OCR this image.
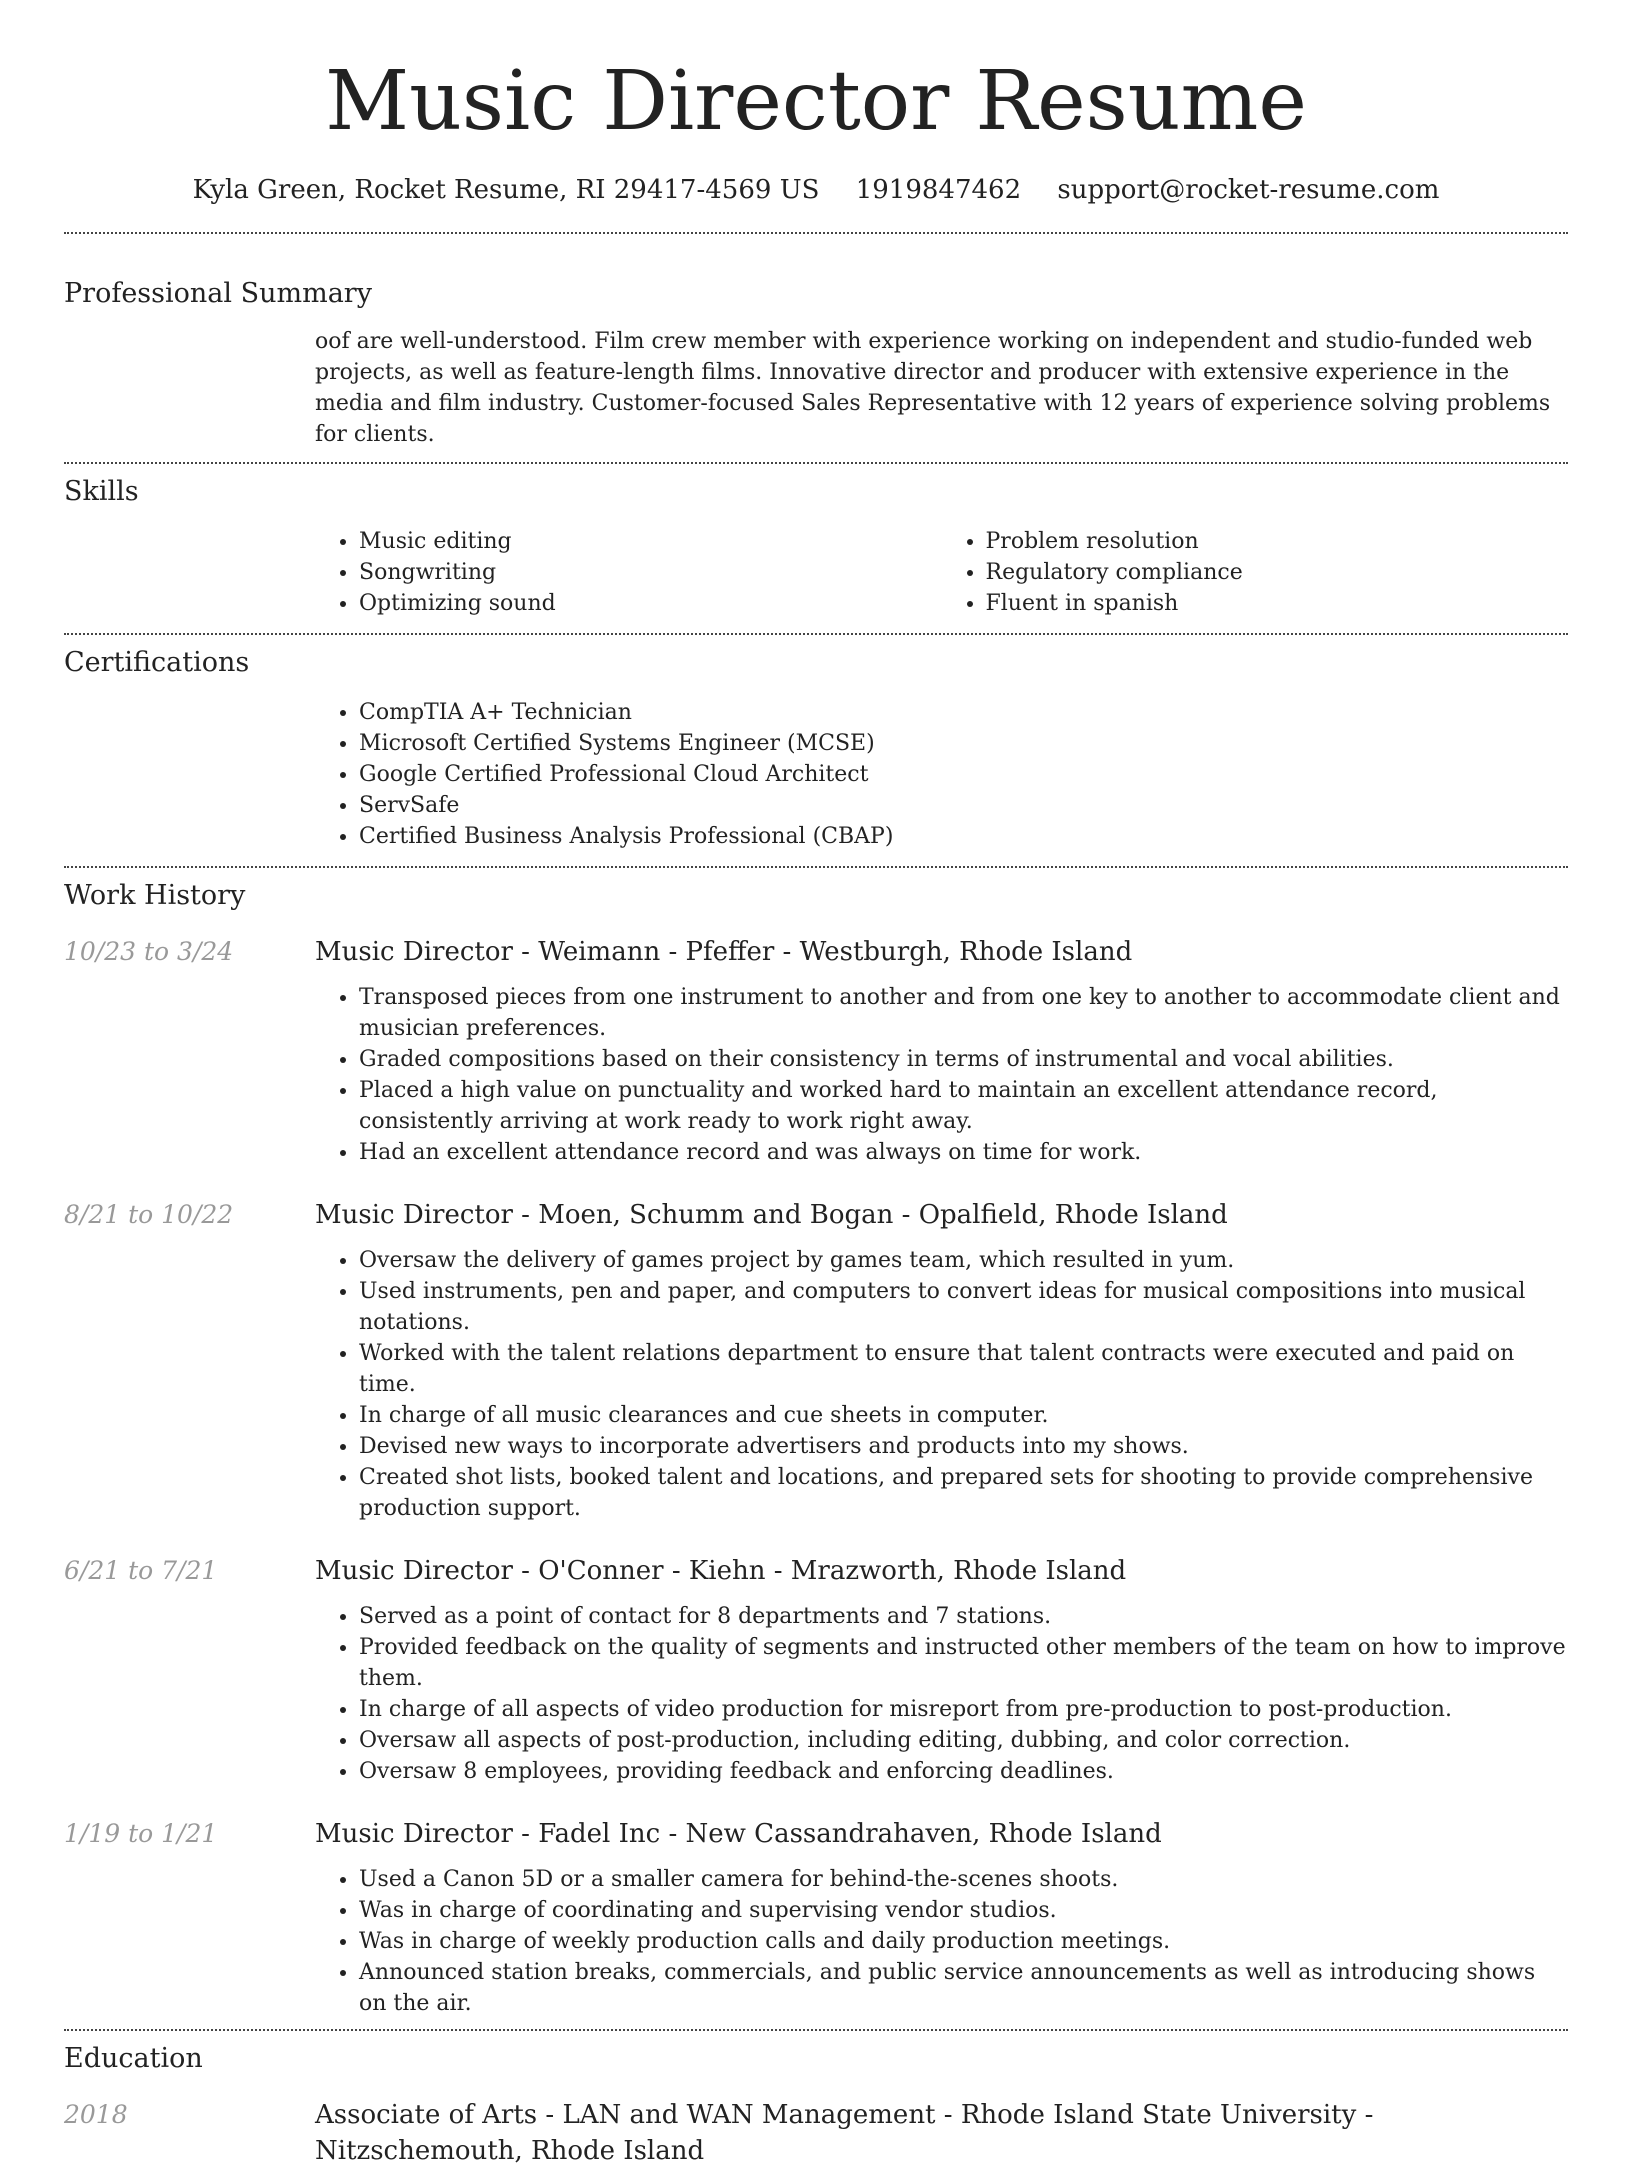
Music Director Resume
Kyla Green, Rocket Resume, RI 29417-4569 US 1919847462 support@rocket-resume.com
Professional Summary

oof are well-understood. Film crew member with experience working on independent and studio-funded web projects, as well as feature-length films. Innovative director and producer with extensive experience in the media and film industry. Customer-focused Sales Representative with 12 years of experience solving problems for clients.

Skills
• Music editing
• Songwriting
• Optimizing sound
• Problem resolution
• Regulatory compliance
• Fluent in spanish
Certifications
• CompTIA A+ Technician
• Microsoft Certified Systems Engineer (MCSE)
• Google Certified Professional Cloud Architect
• ServSafe
• Certified Business Analysis Professional (CBAP)
Work History
10/23 to 3/24	Music Director - Weimann - Pfeffer - Westburgh, Rhode Island
• Transposed pieces from one instrument to another and from one key to another to accommodate client and musician preferences.
• Graded compositions based on their consistency in terms of instrumental and vocal abilities.
• Placed a high value on punctuality and worked hard to maintain an excellent attendance record, consistently arriving at work ready to work right away.
• Had an excellent attendance record and was always on time for work.
8/21 to 10/22	Music Director - Moen, Schumm and Bogan - Opalfield, Rhode Island
• Oversaw the delivery of games project by games team, which resulted in yum.
• Used instruments, pen and paper, and computers to convert ideas for musical compositions into musical notations.
• Worked with the talent relations department to ensure that talent contracts were executed and paid on time.
• In charge of all music clearances and cue sheets in computer.
• Devised new ways to incorporate advertisers and products into my shows.
• Created shot lists, booked talent and locations, and prepared sets for shooting to provide comprehensive production support.
6/21 to 7/21	Music Director - O'Conner - Kiehn - Mrazworth, Rhode Island
• Served as a point of contact for 8 departments and 7 stations.
• Provided feedback on the quality of segments and instructed other members of the team on how to improve them.
• In charge of all aspects of video production for misreport from pre-production to post-production.
• Oversaw all aspects of post-production, including editing, dubbing, and color correction.
• Oversaw 8 employees, providing feedback and enforcing deadlines.
1/19 to 1/21	Music Director - Fadel Inc - New Cassandrahaven, Rhode Island
• Used a Canon 5D or a smaller camera for behind-the-scenes shoots.
• Was in charge of coordinating and supervising vendor studios.
• Was in charge of weekly production calls and daily production meetings.
• Announced station breaks, commercials, and public service announcements as well as introducing shows on the air.
Education
2018	Associate of Arts - LAN and WAN Management - Rhode Island State University - Nitzschemouth, Rhode Island
